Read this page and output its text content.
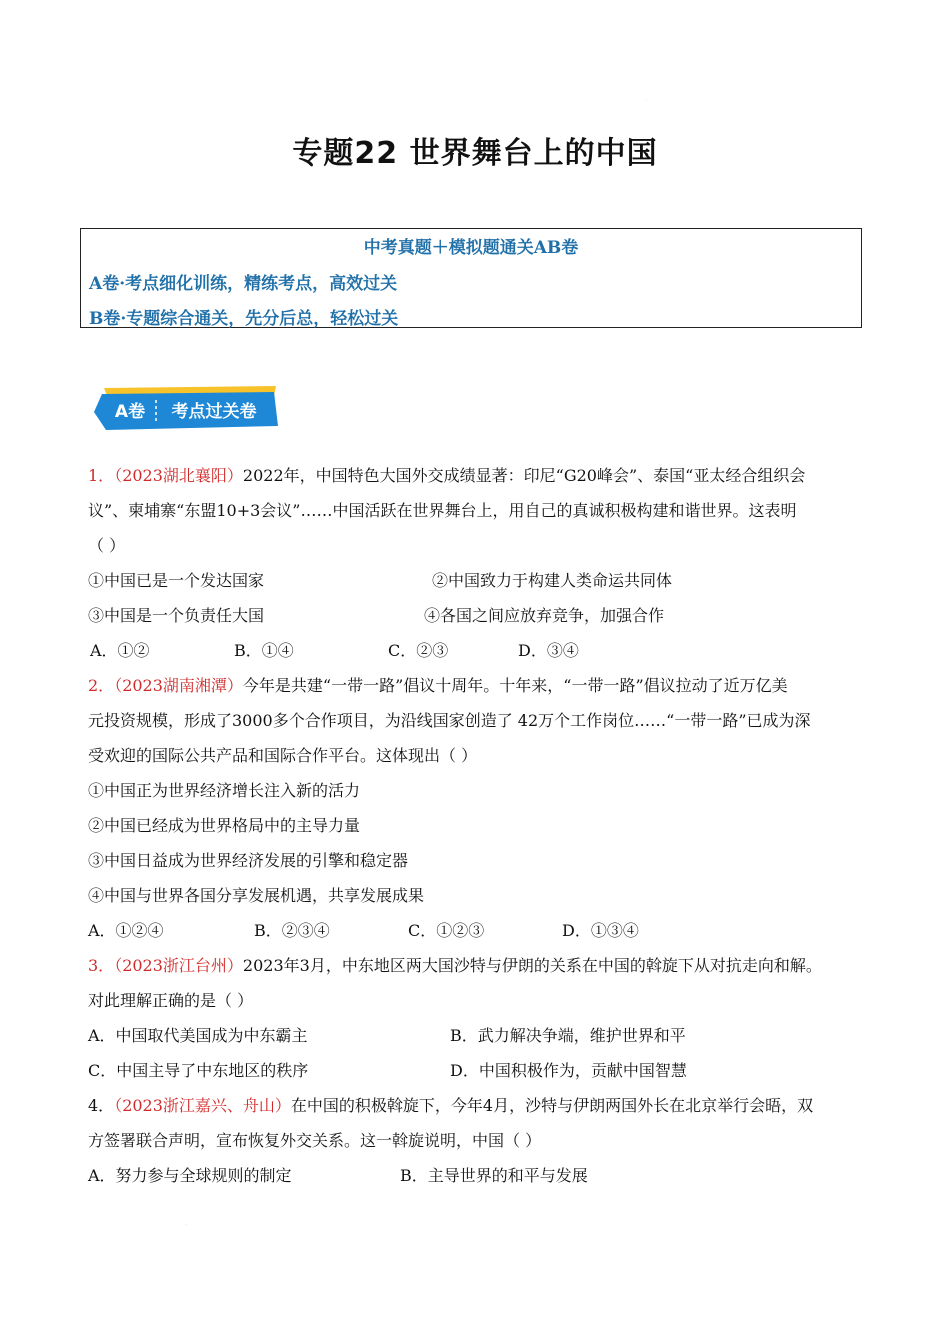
·
专题22 世界舞台上的中国
中考真题＋模拟题通关AB卷
A卷·考点细化训练，精练考点，高效过关
B卷·专题综合通关，先分后总，轻松过关
A卷 考点过关卷
1．（2023湖北襄阳）2022年，中国特色大国外交成绩显著：印尼“G20峰会”、泰国“亚太经合组织会
议”、柬埔寨“东盟10+3会议”……中国活跃在世界舞台上，用自己的真诚积极构建和谐世界。这表明
（ ）
①中国已是一个发达国家	②中国致力于构建人类命运共同体
③中国是一个负责任大国	④各国之间应放弃竞争，加强合作
A．①②	B．①④	C．②③	D．③④
2．（2023湖南湘潭）今年是共建“一带一路”倡议十周年。十年来，“一带一路”倡议拉动了近万亿美
元投资规模，形成了3000多个合作项目，为沿线国家创造了 42万个工作岗位……“一带一路”已成为深
受欢迎的国际公共产品和国际合作平台。这体现出（ ）
①中国正为世界经济增长注入新的活力
②中国已经成为世界格局中的主导力量
③中国日益成为世界经济发展的引擎和稳定器
④中国与世界各国分享发展机遇，共享发展成果
A．①②④	B．②③④	C．①②③	D．①③④
3．（2023浙江台州）2023年3月，中东地区两大国沙特与伊朗的关系在中国的斡旋下从对抗走向和解。
对此理解正确的是（ ）
A．中国取代美国成为中东霸主	B．武力解决争端，维护世界和平
C．中国主导了中东地区的秩序	D．中国积极作为，贡献中国智慧
4．（2023浙江嘉兴、舟山）在中国的积极斡旋下，今年4月，沙特与伊朗两国外长在北京举行会晤，双
方签署联合声明，宣布恢复外交关系。这一斡旋说明，中国（ ）
A．努力参与全球规则的制定	B．主导世界的和平与发展
·
